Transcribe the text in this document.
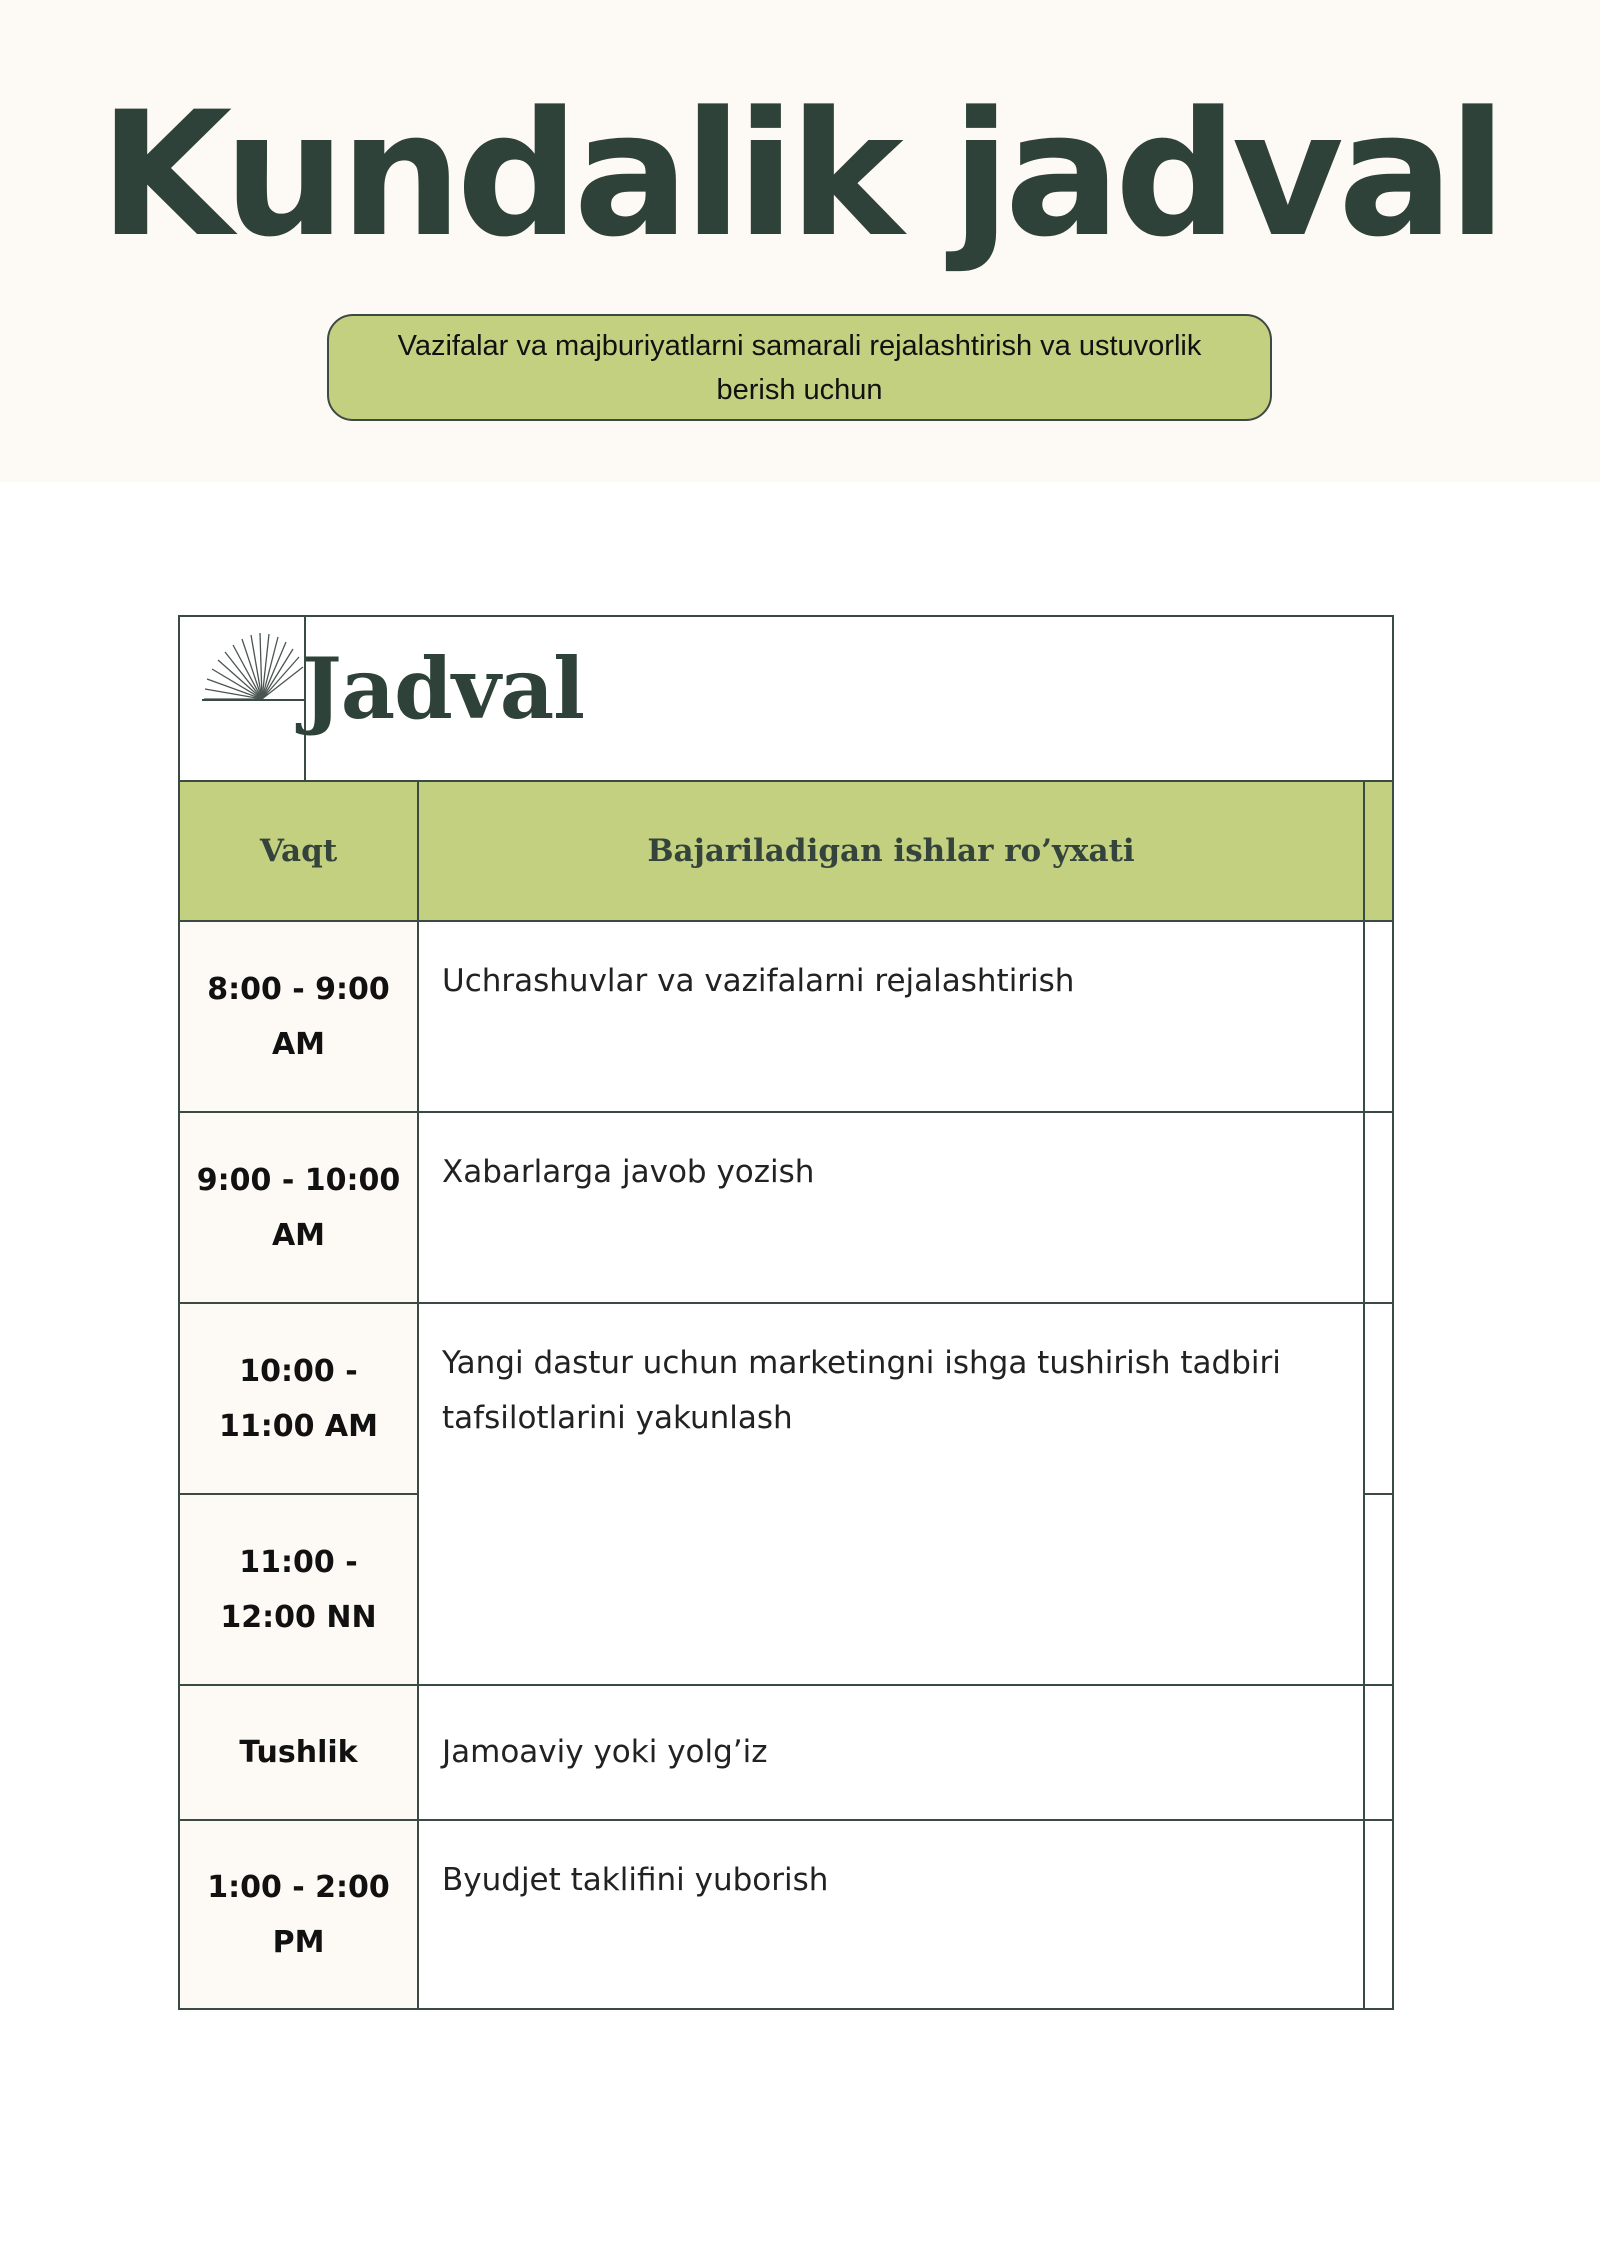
Kundalik jadval
Vazifalar va majburiyatlarni samarali rejalashtirish va ustuvorlik berish uchun
Jadval
Vaqt	Bajariladigan ishlar ro’yxati
8:00 - 9:00 AM
9:00 - 10:00 AM
10:00 - 11:00 AM
11:00 - 12:00 NN
Tushlik
1:00 - 2:00 PM
Uchrashuvlar va vazifalarni rejalashtirish
Xabarlarga javob yozish
Yangi dastur uchun marketingni ishga tushirish tadbiri tafsilotlarini yakunlash
Jamoaviy yoki yolg’iz
Byudjet taklifini yuborish
